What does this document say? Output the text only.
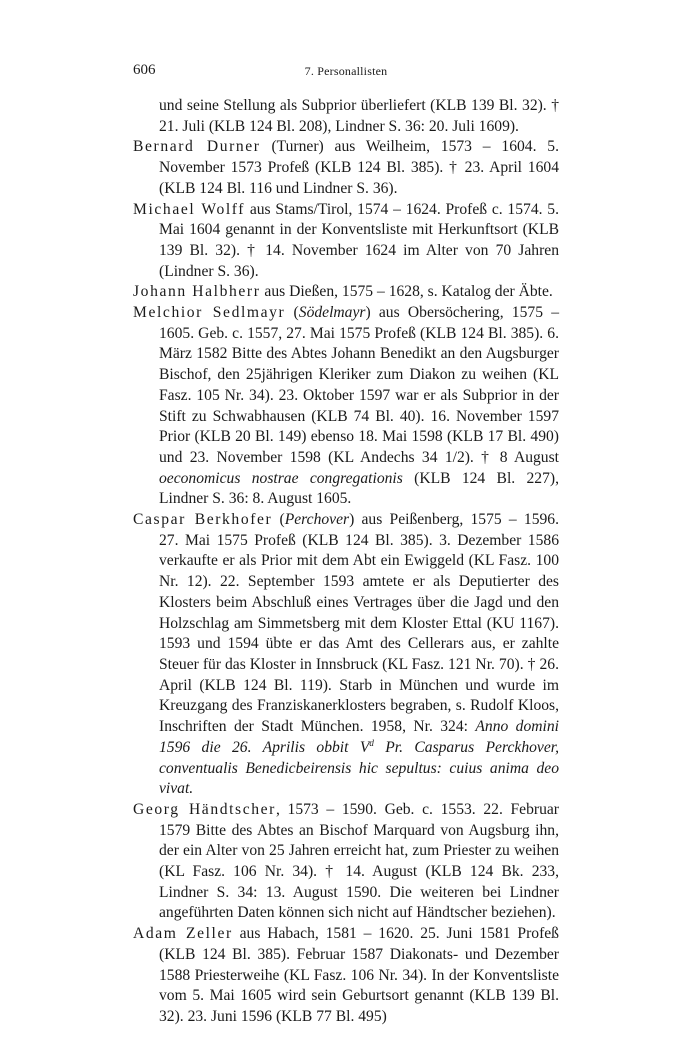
606	7. Personallisten

und seine Stellung als Subprior überliefert (KLB 139 Bl. 32). † 21. Juli (KLB 124 Bl. 208), Lindner S. 36: 20. Juli 1609).

Bernard Durner (Turner) aus Weilheim, 1573 – 1604. 5. November 1573 Profeß (KLB 124 Bl. 385). † 23. April 1604 (KLB 124 Bl. 116 und Lindner S. 36).

Michael Wolff aus Stams/Tirol, 1574 – 1624. Profeß c. 1574. 5. Mai 1604 genannt in der Konventsliste mit Herkunftsort (KLB 139 Bl. 32). † 14. November 1624 im Alter von 70 Jahren (Lindner S. 36).

Johann Halbherr aus Dießen, 1575 – 1628, s. Katalog der Äbte.

Melchior Sedlmayr (Södelmayr) aus Obersöchering, 1575 – 1605. Geb. c. 1557, 27. Mai 1575 Profeß (KLB 124 Bl. 385). 6. März 1582 Bitte des Abtes Johann Benedikt an den Augsburger Bischof, den 25jährigen Kleriker zum Diakon zu weihen (KL Fasz. 105 Nr. 34). 23. Oktober 1597 war er als Subprior in der Stift zu Schwabhausen (KLB 74 Bl. 40). 16. November 1597 Prior (KLB 20 Bl. 149) ebenso 18. Mai 1598 (KLB 17 Bl. 490) und 23. November 1598 (KL Andechs 34 1/2). † 8 August oeconomicus nostrae congregationis (KLB 124 Bl. 227), Lindner S. 36: 8. August 1605.

Caspar Berkhofer (Perchover) aus Peißenberg, 1575 – 1596. 27. Mai 1575 Profeß (KLB 124 Bl. 385). 3. Dezember 1586 verkaufte er als Prior mit dem Abt ein Ewiggeld (KL Fasz. 100 Nr. 12). 22. September 1593 amtete er als Deputierter des Klosters beim Abschluß eines Vertrages über die Jagd und den Holzschlag am Simmetsberg mit dem Kloster Ettal (KU 1167). 1593 und 1594 übte er das Amt des Cellerars aus, er zahlte Steuer für das Kloster in Innsbruck (KL Fasz. 121 Nr. 70). † 26. April (KLB 124 Bl. 119). Starb in München und wurde im Kreuzgang des Franziskanerklosters begraben, s. Rudolf Kloos, Inschriften der Stadt München. 1958, Nr. 324: Anno domini 1596 die 26. Aprilis obbit $V^d$ Pr. Casparus Perckhover, conventualis Benedicbeirensis hic sepultus: cuius anima deo vivat.

Georg Händtscher, 1573 – 1590. Geb. c. 1553. 22. Februar 1579 Bitte des Abtes an Bischof Marquard von Augsburg ihn, der ein Alter von 25 Jahren erreicht hat, zum Priester zu weihen (KL Fasz. 106 Nr. 34). † 14. August (KLB 124 Bk. 233, Lindner S. 34: 13. August 1590. Die weiteren bei Lindner angeführten Daten können sich nicht auf Händtscher beziehen).

Adam Zeller aus Habach, 1581 – 1620. 25. Juni 1581 Profeß (KLB 124 Bl. 385). Februar 1587 Diakonats- und Dezember 1588 Priesterweihe (KL Fasz. 106 Nr. 34). In der Konventsliste vom 5. Mai 1605 wird sein Geburtsort genannt (KLB 139 Bl. 32). 23. Juni 1596 (KLB 77 Bl. 495)
